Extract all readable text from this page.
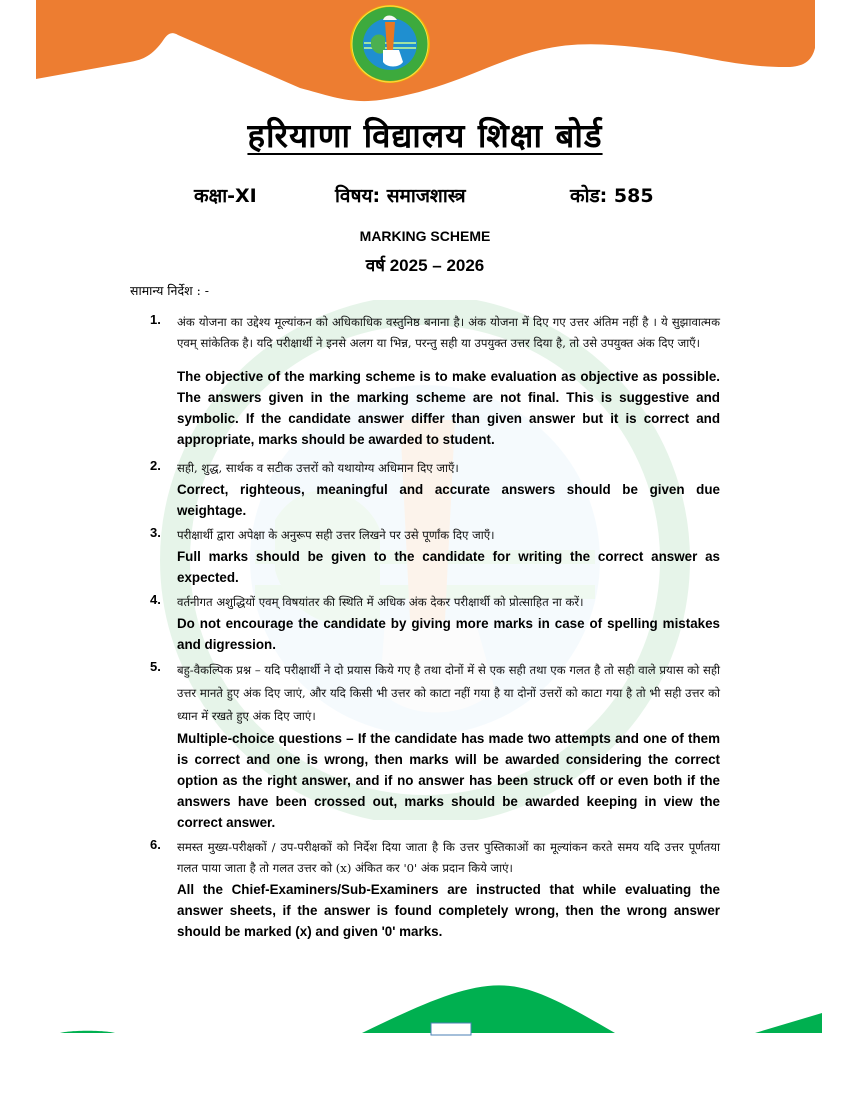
हरियाणा विद्यालय शिक्षा बोर्ड
कक्षा-XI	विषय: समाजशास्त्र	कोड: 585
MARKING SCHEME
वर्ष 2025 – 2026
सामान्य निर्देश : -
1. अंक योजना का उद्देश्य मूल्यांकन को अधिकाधिक वस्तुनिष्ठ बनाना है। अंक योजना में दिए गए उत्तर अंतिम नहीं है । ये सुझावात्मक एवम् सांकेतिक है। यदि परीक्षार्थी ने इनसे अलग या भिन्न, परन्तु सही या उपयुक्त उत्तर दिया है, तो उसे उपयुक्त अंक दिए जाएँ।
The objective of the marking scheme is to make evaluation as objective as possible. The answers given in the marking scheme are not final. This is suggestive and symbolic. If the candidate answer differ than given answer but it is correct and appropriate, marks should be awarded to student.
2. सही, शुद्ध, सार्थक व सटीक उत्तरों को यथायोग्य अधिमान दिए जाएँ।
Correct, righteous, meaningful and accurate answers should be given due weightage.
3. परीक्षार्थी द्वारा अपेक्षा के अनुरूप सही उत्तर लिखने पर उसे पूर्णांक दिए जाएँ।
Full marks should be given to the candidate for writing the correct answer as expected.
4. वर्तनीगत अशुद्धियों एवम् विषयांतर की स्थिति में अधिक अंक देकर परीक्षार्थी को प्रोत्साहित ना करें।
Do not encourage the candidate by giving more marks in case of spelling mistakes and digression.
5. बहु-वैकल्पिक प्रश्न – यदि परीक्षार्थी ने दो प्रयास किये गए है तथा दोनों में से एक सही तथा एक गलत है तो सही वाले प्रयास को सही उत्तर मानते हुए अंक दिए जाएं, और यदि किसी भी उत्तर को काटा नहीं गया है या दोनों उत्तरों को काटा गया है तो भी सही उत्तर को ध्यान में रखते हुए अंक दिए जाएं।
Multiple-choice questions – If the candidate has made two attempts and one of them is correct and one is wrong, then marks will be awarded considering the correct option as the right answer, and if no answer has been struck off or even both if the answers have been crossed out, marks should be awarded keeping in view the correct answer.
6. समस्त मुख्य-परीक्षकों / उप-परीक्षकों को निर्देश दिया जाता है कि उत्तर पुस्तिकाओं का मूल्यांकन करते समय यदि उत्तर पूर्णतया गलत पाया जाता है तो गलत उत्तर को (x) अंकित कर '0' अंक प्रदान किये जाएं।
All the Chief-Examiners/Sub-Examiners are instructed that while evaluating the answer sheets, if the answer is found completely wrong, then the wrong answer should be marked (x) and given '0' marks.
